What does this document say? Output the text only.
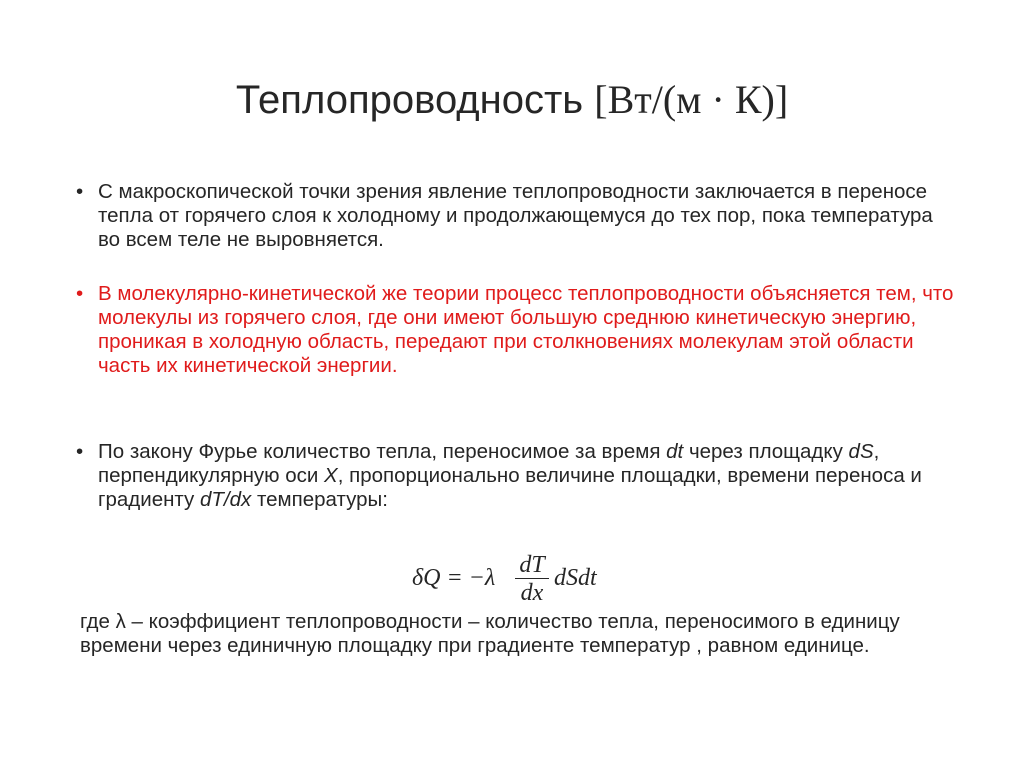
Теплопроводность [Вт/(м · К)]
• С макроскопической точки зрения явление теплопроводности заключается в переносе тепла от горячего слоя к холодному и продолжающемуся до тех пор, пока температура во всем теле не выровняется.
• В молекулярно-кинетической же теории процесс теплопроводности объясняется тем, что молекулы из горячего слоя, где они имеют большую среднюю кинетическую энергию, проникая в холодную область, передают при столкновениях молекулам этой области часть их кинетической энергии.
• По закону Фурье количество тепла, переносимое за время dt через площадку dS, перпендикулярную оси X, пропорционально величине площадки, времени переноса и градиенту dT/dx температуры:
δQ = −λ dT
dx
dSdt
где λ – коэффициент теплопроводности – количество тепла, переносимого в единицу времени через единичную площадку при градиенте температур , равном единице.
